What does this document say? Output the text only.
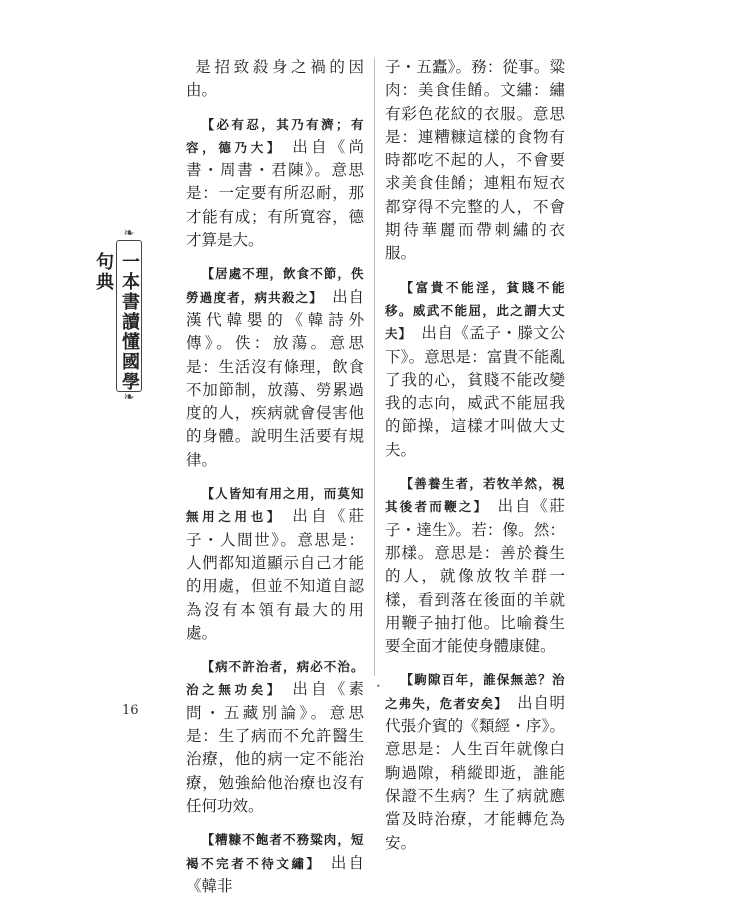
❧
一本書讀懂國學句典
❧

是招致殺身之禍的因由。

【必有忍，其乃有濟；有容，德乃大】 出自《尚書・周書・君陳》。意思是：一定要有所忍耐，那才能有成；有所寬容，德才算是大。

【居處不理，飲食不節，佚勞過度者，病共殺之】 出自漢代韓嬰的《韓詩外傳》。佚：放蕩。意思是：生活沒有條理，飲食不加節制，放蕩、勞累過度的人，疾病就會侵害他的身體。說明生活要有規律。

【人皆知有用之用，而莫知無用之用也】 出自《莊子・人間世》。意思是：人們都知道顯示自己才能的用處，但並不知道自認為沒有本領有最大的用處。

【病不許治者，病必不治。治之無功矣】 出自《素問・五藏別論》。意思是：生了病而不允許醫生治療，他的病一定不能治療，勉強給他治療也沒有任何功效。

【糟糠不飽者不務粱肉，短褐不完者不待文繡】 出自《韓非

子・五蠹》。務：從事。粱肉：美食佳餚。文繡：繡有彩色花紋的衣服。意思是：連糟糠這樣的食物有時都吃不起的人，不會要求美食佳餚；連粗布短衣都穿得不完整的人，不會期待華麗而帶刺繡的衣服。

【富貴不能淫，貧賤不能移。威武不能屈，此之謂大丈夫】 出自《孟子・滕文公下》。意思是：富貴不能亂了我的心，貧賤不能改變我的志向，威武不能屈我的節操，這樣才叫做大丈夫。

【善養生者，若牧羊然，視其後者而鞭之】 出自《莊子・達生》。若：像。然：那樣。意思是：善於養生的人，就像放牧羊群一樣，看到落在後面的羊就用鞭子抽打他。比喻養生要全面才能使身體康健。

【駒隙百年，誰保無恙？治之弗失，危者安矣】 出自明代張介賓的《類經・序》。意思是：人生百年就像白駒過隙，稍縱即逝，誰能保證不生病？生了病就應當及時治療，才能轉危為安。

•
16
